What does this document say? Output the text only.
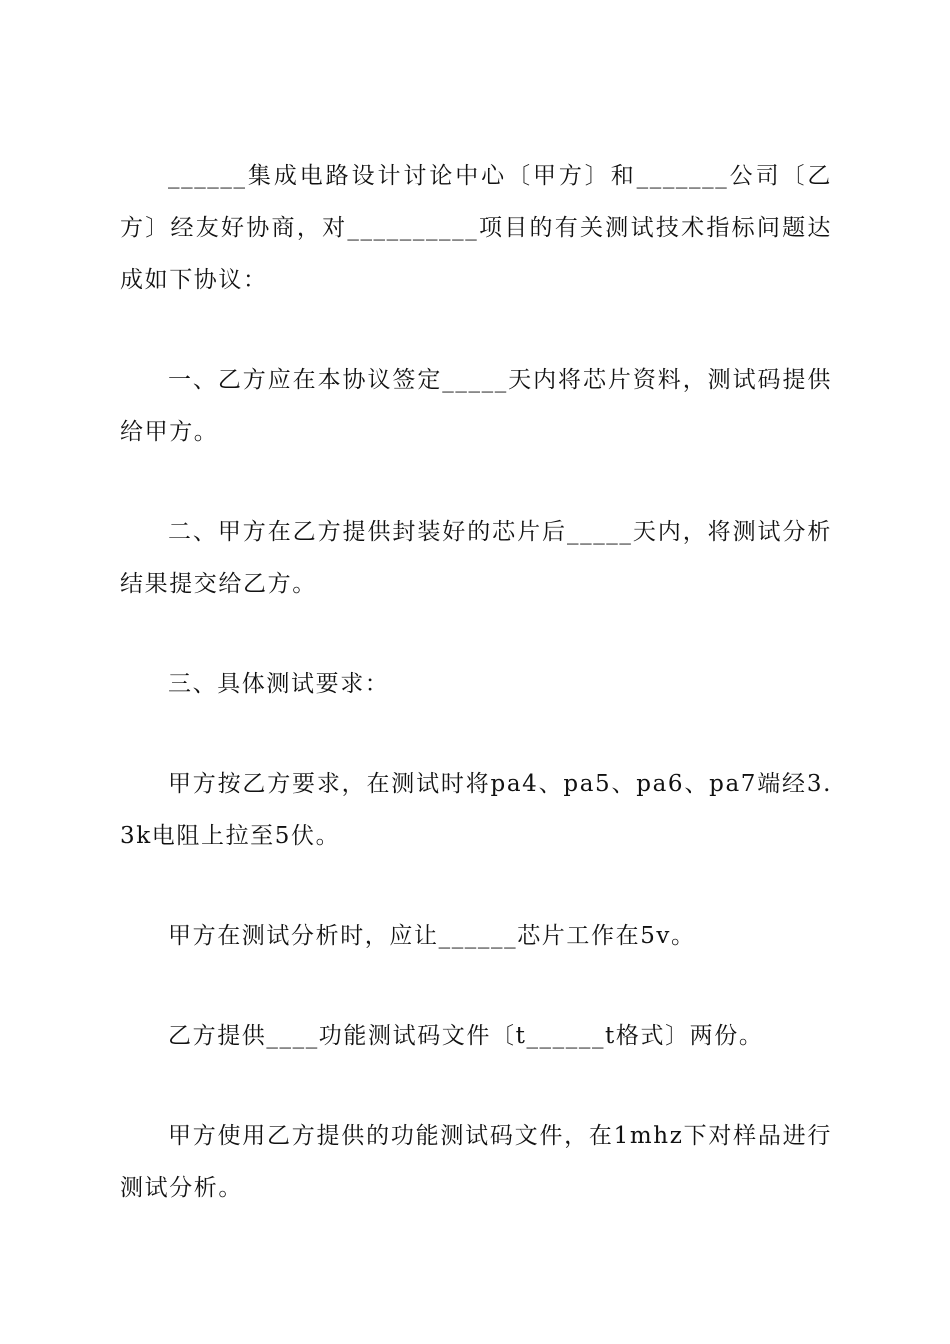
______集成电路设计讨论中心〔甲方〕和_______公司〔乙方〕经友好协商，对__________项目的有关测试技术指标问题达成如下协议：

一、乙方应在本协议签定_____天内将芯片资料，测试码提供给甲方。

二、甲方在乙方提供封装好的芯片后_____天内，将测试分析结果提交给乙方。

三、具体测试要求：

甲方按乙方要求，在测试时将pa4、pa5、pa6、pa7端经3.3k电阻上拉至5伏。

甲方在测试分析时，应让______芯片工作在5v。

乙方提供____功能测试码文件〔t______t格式〕两份。

甲方使用乙方提供的功能测试码文件，在1mhz下对样品进行测试分析。
